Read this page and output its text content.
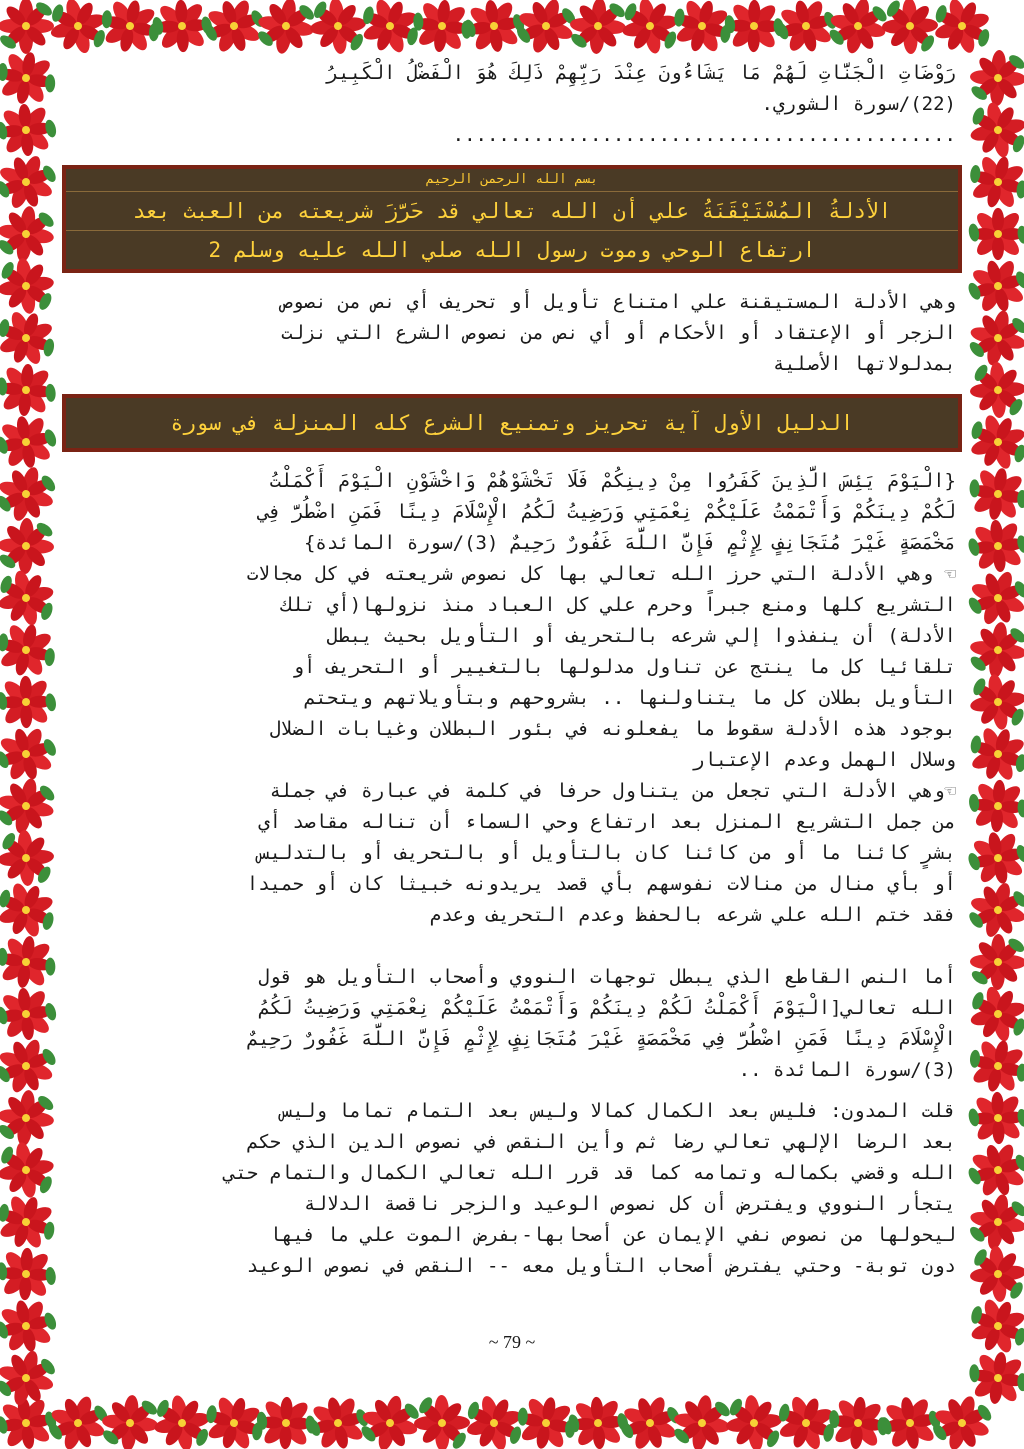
رَوْضَاتِ الْجَنَّاتِ لَهُمْ مَا يَشَاءُونَ عِنْدَ رَبِّهِمْ ذَلِكَ هُوَ الْفَضْلُ الْكَبِيرُ
(22)/سورة الشوري.
............................................
بسم الله الرحمن الرحيم
الأدلةُ المُسْتَيْقَنَةُ علي أن الله تعالي قد حَرَّزَ شريعته من العبث بعد
ارتفاع الوحي وموت رسول الله صلي الله عليه وسلم 2

وهي الأدلة المستيقنة علي امتناع تأويل أو تحريف أي نص من نصوص

الزجر أو الإعتقاد أو الأحكام أو أي نص من نصوص الشرع التي نزلت

بمدلولاتها الأصلية

الدليل الأول آية تحريز وتمنيع الشرع كله المنزلة في سورة

{الْيَوْمَ يَئِسَ الَّذِينَ كَفَرُوا مِنْ دِينِكُمْ فَلَا تَخْشَوْهُمْ وَاخْشَوْنِ الْيَوْمَ أَكْمَلْتُ

لَكُمْ دِينَكُمْ وَأَتْمَمْتُ عَلَيْكُمْ نِعْمَتِي وَرَضِيتُ لَكُمُ الْإِسْلَامَ دِينًا فَمَنِ اضْطُرَّ فِي

مَخْمَصَةٍ غَيْرَ مُتَجَانِفٍ لِإِثْمٍ فَإِنَّ اللَّهَ غَفُورٌ رَحِيمٌ (3)/سورة المائدة}

☜ وهي الأدلة التي حرز الله تعالي بها كل نصوص شريعته في كل مجالات

التشريع كلها ومنع جبراً وحرم علي كل العباد منذ نزولها(أي تلك

الأدلة) أن ينفذوا إلي شرعه بالتحريف أو التأويل بحيث يبطل

تلقائيا كل ما ينتج عن تناول مدلولها بالتغيير أو التحريف أو

التأويل بطلان كل ما يتناولنها .. بشروحهم وبتأويلاتهم ويتحتم

بوجود هذه الأدلة سقوط ما يفعلونه في بئور البطلان وغيابات الضلال

وسلال الهمل وعدم الإعتبار

☜وهي الأدلة التي تجعل من يتناول حرفا في كلمة في عبارة في جملة

من جمل التشريع المنزل بعد ارتفاع وحي السماء أن تناله مقاصد أي

بشرٍ كائنا ما أو من كائنا كان بالتأويل أو بالتحريف أو بالتدليس

أو بأي منال من منالات نفوسهم بأي قصد يريدونه خبيثا كان أو حميدا

فقد ختم الله علي شرعه بالحفظ وعدم التحريف وعدم

أما النص القاطع الذي يبطل توجهات النووي وأصحاب التأويل هو قول

الله تعالي[الْيَوْمَ أَكْمَلْتُ لَكُمْ دِينَكُمْ وَأَتْمَمْتُ عَلَيْكُمْ نِعْمَتِي وَرَضِيتُ لَكُمُ

الْإِسْلَامَ دِينًا فَمَنِ اضْطُرَّ فِي مَخْمَصَةٍ غَيْرَ مُتَجَانِفٍ لِإِثْمٍ فَإِنَّ اللَّهَ غَفُورٌ رَحِيمٌ

(3)/سورة المائدة ..

قلت المدون: فليس بعد الكمال كمالا وليس بعد التمام تماما وليس

بعد الرضا الإلهي تعالي رضا ثم وأين النقص في نصوص الدين الذي حكم

الله وقضي بكماله وتمامه كما قد قرر الله تعالي الكمال والتمام حتي

يتجأر النووي ويفترض أن كل نصوص الوعيد والزجر ناقصة الدلالة

ليحولها من نصوص نفي الإيمان عن أصحابها-بفرض الموت علي ما فيها

دون توبة- وحتي يفترض أصحاب التأويل معه -- النقص في نصوص الوعيد

~ 79 ~
